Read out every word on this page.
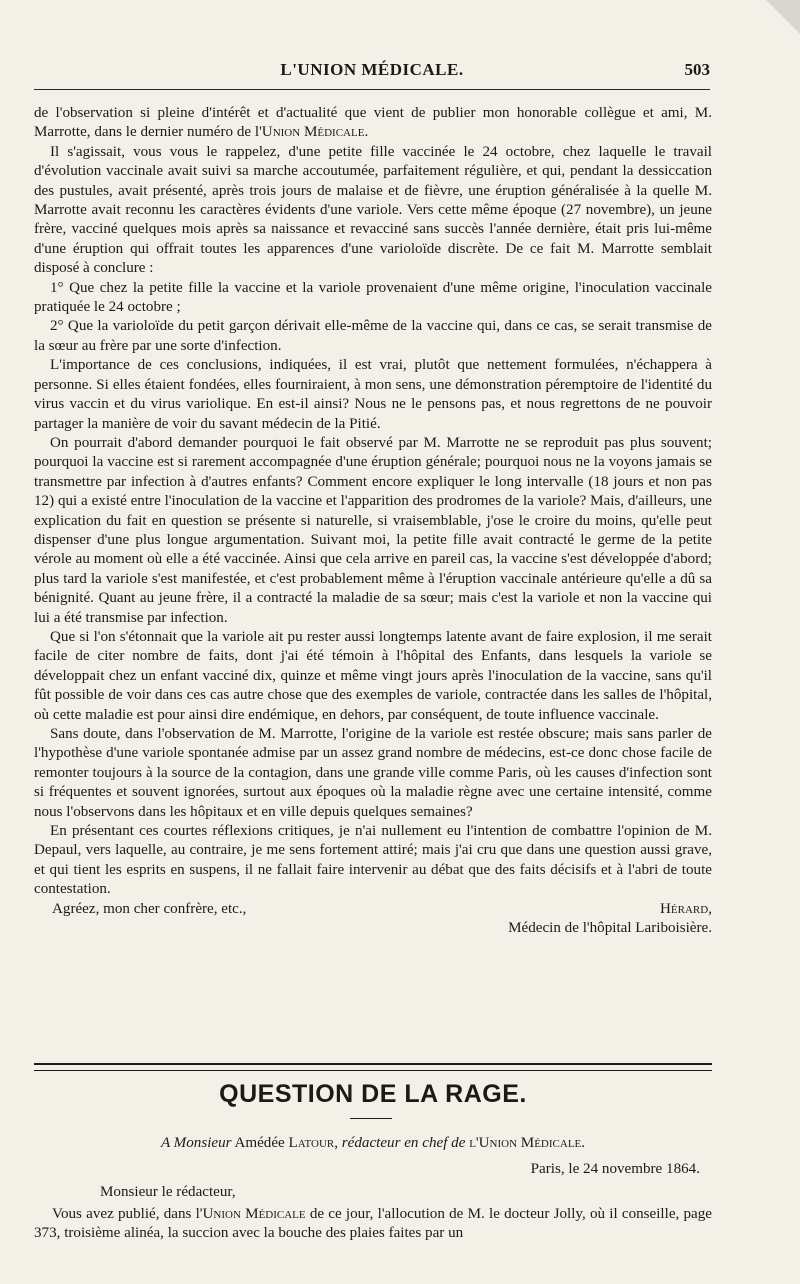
L'UNION MÉDICALE.	503

de l'observation si pleine d'intérêt et d'actualité que vient de publier mon honorable collègue et ami, M. Marrotte, dans le dernier numéro de l'Union Médicale.

Il s'agissait, vous vous le rappelez, d'une petite fille vaccinée le 24 octobre, chez laquelle le travail d'évolution vaccinale avait suivi sa marche accoutumée, parfaitement régulière, et qui, pendant la dessiccation des pustules, avait présenté, après trois jours de malaise et de fièvre, une éruption généralisée à la quelle M. Marrotte avait reconnu les caractères évidents d'une variole. Vers cette même époque (27 novembre), un jeune frère, vacciné quelques mois après sa naissance et revacciné sans succès l'année dernière, était pris lui-même d'une éruption qui offrait toutes les apparences d'une varioloïde discrète. De ce fait M. Marrotte semblait disposé à conclure :

1° Que chez la petite fille la vaccine et la variole provenaient d'une même origine, l'inoculation vaccinale pratiquée le 24 octobre ;

2° Que la varioloïde du petit garçon dérivait elle-même de la vaccine qui, dans ce cas, se serait transmise de la sœur au frère par une sorte d'infection.

L'importance de ces conclusions, indiquées, il est vrai, plutôt que nettement formulées, n'échappera à personne. Si elles étaient fondées, elles fourniraient, à mon sens, une démonstration péremptoire de l'identité du virus vaccin et du virus variolique. En est-il ainsi? Nous ne le pensons pas, et nous regrettons de ne pouvoir partager la manière de voir du savant médecin de la Pitié.

On pourrait d'abord demander pourquoi le fait observé par M. Marrotte ne se reproduit pas plus souvent; pourquoi la vaccine est si rarement accompagnée d'une éruption générale; pourquoi nous ne la voyons jamais se transmettre par infection à d'autres enfants? Comment encore expliquer le long intervalle (18 jours et non pas 12) qui a existé entre l'inoculation de la vaccine et l'apparition des prodromes de la variole? Mais, d'ailleurs, une explication du fait en question se présente si naturelle, si vraisemblable, j'ose le croire du moins, qu'elle peut dispenser d'une plus longue argumentation. Suivant moi, la petite fille avait contracté le germe de la petite vérole au moment où elle a été vaccinée. Ainsi que cela arrive en pareil cas, la vaccine s'est développée d'abord; plus tard la variole s'est manifestée, et c'est probablement même à l'éruption vaccinale antérieure qu'elle a dû sa bénignité. Quant au jeune frère, il a contracté la maladie de sa sœur; mais c'est la variole et non la vaccine qui lui a été transmise par infection.

Que si l'on s'étonnait que la variole ait pu rester aussi longtemps latente avant de faire explosion, il me serait facile de citer nombre de faits, dont j'ai été témoin à l'hôpital des Enfants, dans lesquels la variole se développait chez un enfant vacciné dix, quinze et même vingt jours après l'inoculation de la vaccine, sans qu'il fût possible de voir dans ces cas autre chose que des exemples de variole, contractée dans les salles de l'hôpital, où cette maladie est pour ainsi dire endémique, en dehors, par conséquent, de toute influence vaccinale.

Sans doute, dans l'observation de M. Marrotte, l'origine de la variole est restée obscure; mais sans parler de l'hypothèse d'une variole spontanée admise par un assez grand nombre de médecins, est-ce donc chose facile de remonter toujours à la source de la contagion, dans une grande ville comme Paris, où les causes d'infection sont si fréquentes et souvent ignorées, surtout aux époques où la maladie règne avec une certaine intensité, comme nous l'observons dans les hôpitaux et en ville depuis quelques semaines?

En présentant ces courtes réflexions critiques, je n'ai nullement eu l'intention de combattre l'opinion de M. Depaul, vers laquelle, au contraire, je me sens fortement attiré; mais j'ai cru que dans une question aussi grave, et qui tient les esprits en suspens, il ne fallait faire intervenir au débat que des faits décisifs et à l'abri de toute contestation.

Agréez, mon cher confrère, etc.,	Hérard,
Médecin de l'hôpital Lariboisière.
QUESTION DE LA RAGE.
A Monsieur Amédée Latour, rédacteur en chef de l'Union Médicale.
Paris, le 24 novembre 1864.
Monsieur le rédacteur,

Vous avez publié, dans l'Union Médicale de ce jour, l'allocution de M. le docteur Jolly, où il conseille, page 373, troisième alinéa, la succion avec la bouche des plaies faites par un
